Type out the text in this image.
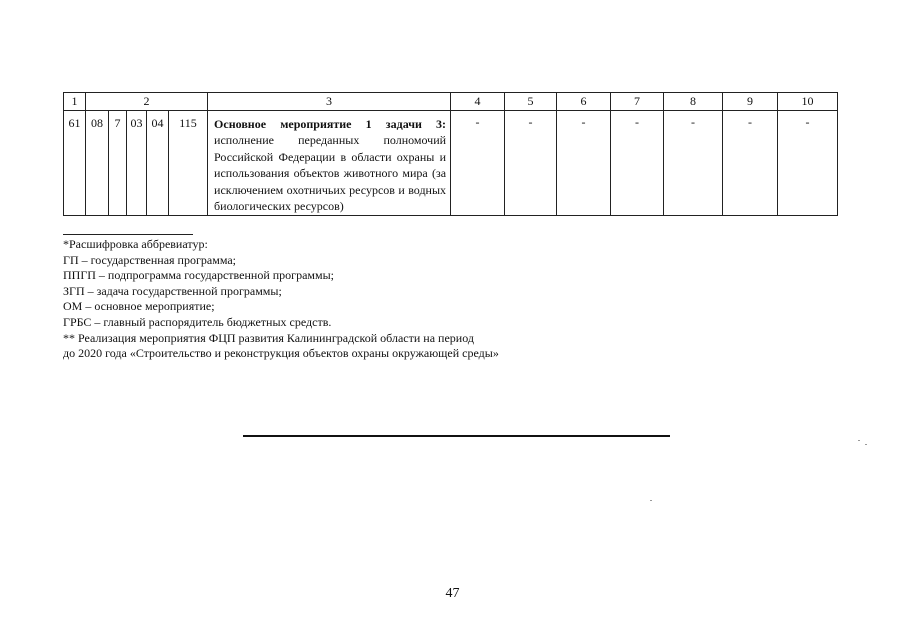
1	2					3	4	5	6	7	8	9	10
61	08	7	03	04	115	Основное мероприятие 1 задачи 3: исполнение переданных полномочий Российской Федерации в области охраны и использования объектов животного мира (за исключением охотничьих ресурсов и водных биологических ресурсов)	-	-	-	-	-	-	-
*Расшифровка аббревиатур:
ГП – государственная программа;
ППГП – подпрограмма государственной программы;
ЗГП – задача государственной программы;
ОМ – основное мероприятие;
ГРБС – главный распорядитель бюджетных средств.
** Реализация мероприятия ФЦП развития Калининградской области на период
до 2020 года «Строительство и реконструкция объектов охраны окружающей среды»
47
